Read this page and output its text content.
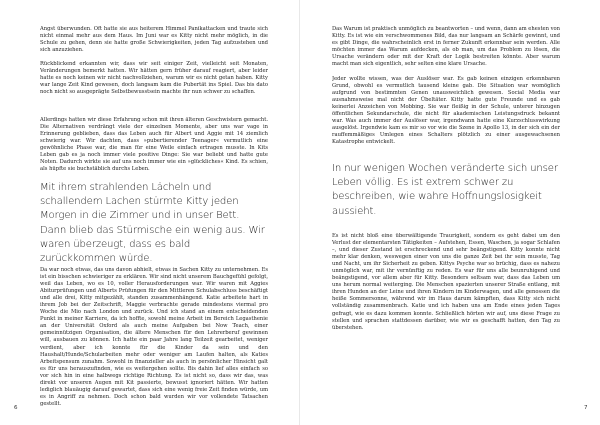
Angst überwunden. Oft hatte sie aus heiterem Himmel Panikattacken und traute sich nicht einmal mehr aus dem Haus. Im Juni war es Kitty nicht mehr möglich, in die Schule zu gehen, denn sie hatte große Schwierigkeiten, jeden Tag aufzustehen und sich anzuziehen.

Rückblickend erkannten wir, dass wir seit einiger Zeit, vielleicht seit Monaten, Veränderungen bemerkt hatten. Wir hätten gern früher darauf reagiert, aber leider hatte es noch keinen wir nicht nachvollziehen, warum wir es nicht getan haben. Kitty war lange Zeit Kind gewesen, doch langsam kam die Pubertät ins Spiel. Das bis dato noch nicht so ausgeprägte Selbstbewusstsein machte ihr nun schwer zu schaffen.

Allerdings hatten wir diese Erfahrung schon mit ihren älteren Geschwistern gemacht. Die Alternativen verdrängt viele der einzelnen Momente, aber uns war vage in Erinnerung geblieben, dass das Leben auch für Albert und Aggie mit 14 ziemlich schwierig war. Wir dachten, dass »pubertierender Teenager« vermutlich eine gewöhnliche Phase war, die man für eine Weile einfach ertragen musste. In Kits Leben gab es ja noch immer viele positive Dinge: Sie war beliebt und hatte gute Noten. Dadurch wirkte sie auf uns noch immer wie ein »glückliches« Kind. Es schien, als hüpfte sie buchstäblich durchs Leben.

Mit ihrem strahlenden Lächeln und schallendem Lachen stürmte Kitty jeden Morgen in die Zimmer und in unser Bett. Dann blieb das Stürmische ein wenig aus. Wir waren überzeugt, dass es bald zurückkommen würde.

Da war noch etwas, das uns davon abhielt, etwas in Sachen Kitty zu unternehmen. Es ist ein bisschen schwieriger zu erklären. Wir sind nicht unserem Bauchgefühl gefolgt, weil das Leben, wo es 10, voller Herausforderungen war. Wir waren mit Aggies Abiturprüfungen und Alberts Prüfungen für den Mittleren Schulabschluss beschäftigt und alle drei, Kitty mitgezählt, standen zusammenhängend. Katie arbeitete hart in ihrem Job bei der Zeitschrift, Maggie verbrachte gerade mindestens viermal pro Woche die Mio nach London und zurück. Und ich stand an einem entscheidenden Punkt in meiner Karriere, da ich hoffte, sowohl meine Arbeit im Bereich Legasthenie an der Universität Oxford als auch meine Aufgaben bei Now Teach, einer gemeinnützigen Organisation, die ältere Menschen für den Lehrerberuf gewinnen will, ausbauen zu können. Ich hatte ein paar Jahre lang Teilzeit gearbeitet, weniger verdient, aber ich konnte für die Kinder da sein und den Haushalt/Hunde/Schularbeiten mehr oder weniger am Laufen halten, als Katies Arbeitspensum zunahm. Sowohl in finanzieller als auch in persönlicher Hinsicht galt es für uns herauszufinden, wie es weitergehen sollte. Bis dahin lief alles einfach so vor sich hin in eine halbwegs richtige Richtung. Es ist nicht so, dass wir das, was direkt vor unseren Augen mit Kit passierte, bewusst ignoriert hätten. Wir hatten lediglich blauäugig darauf gewartet, dass sich eine wenig freie Zeit finden würde, um es in Angriff zu nehmen. Doch schon bald wurden wir vor vollendete Tatsachen gestellt.

6

Das Warum ist praktisch unmöglich zu beantworten – und wenn, dann am ehesten von Kitty. Es ist wie ein verschwommenes Bild, das nur langsam an Schärfe gewinnt, und es gibt Dinge, die wahrscheinlich erst in ferner Zukunft erkennbar sein werden. Alle möchten immer das Warum aufdecken, als ob man, um das Problem zu lösen, die Ursache verändern oder mit der Kraft der Logik bestreiten könnte. Aber warum macht man sich eigentlich, sehr selten eine klare Ursache.

Jeder wollte wissen, was der Auslöser war. Es gab keinen einzigen erkennbaren Grund, obwohl es vermutlich tausend kleine gab. Die Situation war womöglich aufgrund von bestimmten Genen unausweichlich gewesen. Social Media war ausnahmsweise mal nicht der Übeltäter. Kitty hatte gute Freunde und es gab keinerlei Anzeichen von Mobbing. Sie war fleißig in der Schule, unterer hinzugen öffentlichen Sekundarschule, die nicht für akademischen Leistungsdruck bekannt war. Was auch immer der Auslöser war, irgendwann hatte eine Kurzschlusswirkung ausgelöst. Irgendwie kam es mir so vor wie die Szene in Apollo 13, in der sich ein der rauffemmäßiges Umlegen eines Schalters plötzlich zu einer ausgewachsenen Katastrophe entwickelt.

In nur wenigen Wochen veränderte sich unser Leben völlig. Es ist extrem schwer zu beschreiben, wie wahre Hoffnungslosigkeit aussieht.

Es ist nicht bloß eine überwältigende Traurigkeit, sondern es geht dabei um den Verlust der elementarsten Tätigkeiten – Aufstehen, Essen, Waschen, ja sogar Schlafen –, und dieser Zustand ist erschreckend und sehr beängstigend. Kitty konnte nicht mehr klar denken, weswegen einer von uns die ganze Zeit bei ihr sein musste, Tag und Nacht, um ihr Sicherheit zu geben. Kittys Psyche war so brüchig, dass es nahezu unmöglich war, mit ihr vernünftig zu reden. Es war für uns alle beunruhigend und beängstigend, vor allem aber für Kitty. Besonders seltsam war, dass das Leben um uns herum normal weiterging. Die Menschen spazierten unserer Straße entlang, mit ihren Hunden an der Leine und ihren Kindern im Kinderwagen, und alle genossen die heiße Sommersonne, während wir im Haus darum kämpften, dass Kitty sich nicht vollständig zusammenbrach. Katie und ich haben uns am Ende eines jeden Tages gefragt, wie es dazu kommen konnte. Schließlich hörten wir auf, uns diese Frage zu stellen und sprachen stattdessen darüber, wie wir es geschafft hatten, den Tag zu überstehen.

7
